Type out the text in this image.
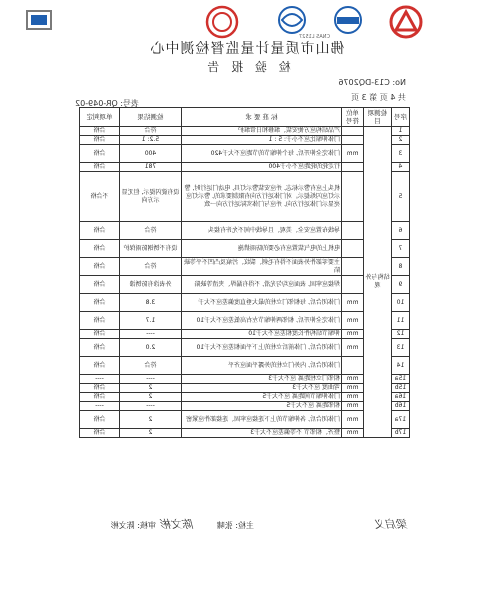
CNAS L1527
佛山市质量计量监督检测中心
检 验 报 告
No: C13-DQ2076
共 4 页 第 3 页
表号: QR-049-02
序号	检测项目	单位符号	标 准 要 求	检测结果	单项判定
1	结构与外观		产品结构应方便安装、维修和日常维护	符合	合格
2			门体伸缩比应不小于: 5 : 1	5.2: 1	合格
3		mm	门体完全伸开后, 每个伸缩节的节距应不大于420	400	合格
4			行走轮的轮距应不小于400	781	合格
5			机头上应有警示标志, 并应安装警示灯具, 电动门运行时, 警示灯应闪烁提示。对门体运行方向有限制要求的, 警示灯应亮显示门体运行方向, 并应与门体实际运行方向一致	设有旋闪提示, 但无显示方向	不合格
6			导线布置应安全、美观、且导线中间不允许有接头	符合	合格
7			电机上的电气装置应有必要的防雨措施	设有不锈钢防雨保护	合格
8			主要零部件外表面不得有毛刺、裂纹、污痕及凸凹不平等缺陷	符合	合格
9			焊接应牢固, 表面应均匀光滑, 不得有漏焊、夹渣等缺陷	外表涂有防锈漆	合格
10		mm	门体闭合后, 每相邻门立柱的最大垂直度偏差应不大于	3.8	合格
11		mm	门体完全伸开后, 相邻两伸缩节左右高低差应不大于10	1.7	合格
12		mm	伸缩节结构件长度相差应不大于10	----	合格
13		mm	门体闭合后, 门体前后立柱的上下平面相差应不大于10	2.0	合格
14			门体闭合后, 内外门立柱的外露平面应齐平	符合	合格
15a		mm	相邻门立柱距离 应不大于3	----	----
15b		mm	弯曲度 应不大于3	2	合格
16a		mm	门体伸缩节间距离 应不大于5	2	合格
16b		mm	相邻距离 应不大于5	----	----
17a		mm	门体闭合后, 各伸缩节的上下连接应牢固、连接部件应紧密	2	合格
17b		mm	整齐、相邻节 不等偏差应不大于3	2	合格
主检: 张啸
审核: 陈文彬	梁启义
陈文彬
